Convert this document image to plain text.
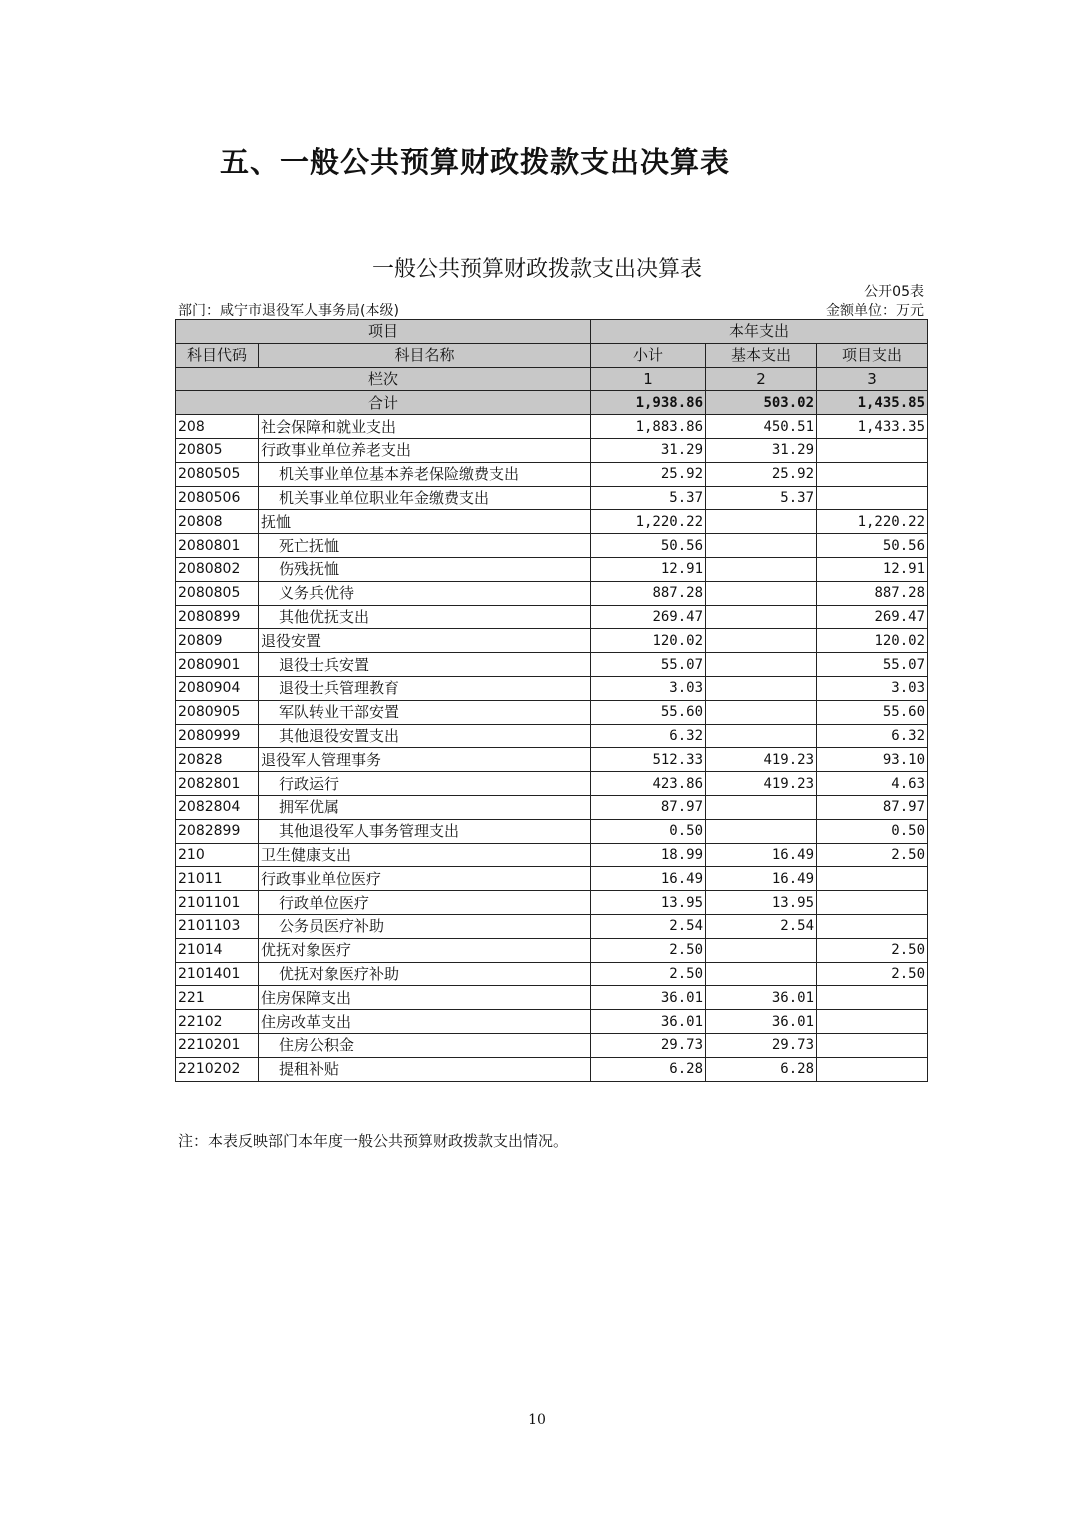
五、一般公共预算财政拨款支出决算表
一般公共预算财政拨款支出决算表
公开05表
部门：咸宁市退役军人事务局(本级)	金额单位：万元
项目		本年支出		
科目代码	科目名称	小计	基本支出	项目支出
栏次		1	2	3
合计		1,938.86	503.02	1,435.85
208	社会保障和就业支出	1,883.86	450.51	1,433.35
20805	行政事业单位养老支出	31.29	31.29	
2080505	机关事业单位基本养老保险缴费支出	25.92	25.92	
2080506	机关事业单位职业年金缴费支出	5.37	5.37	
20808	抚恤	1,220.22		1,220.22
2080801	死亡抚恤	50.56		50.56
2080802	伤残抚恤	12.91		12.91
2080805	义务兵优待	887.28		887.28
2080899	其他优抚支出	269.47		269.47
20809	退役安置	120.02		120.02
2080901	退役士兵安置	55.07		55.07
2080904	退役士兵管理教育	3.03		3.03
2080905	军队转业干部安置	55.60		55.60
2080999	其他退役安置支出	6.32		6.32
20828	退役军人管理事务	512.33	419.23	93.10
2082801	行政运行	423.86	419.23	4.63
2082804	拥军优属	87.97		87.97
2082899	其他退役军人事务管理支出	0.50		0.50
210	卫生健康支出	18.99	16.49	2.50
21011	行政事业单位医疗	16.49	16.49	
2101101	行政单位医疗	13.95	13.95	
2101103	公务员医疗补助	2.54	2.54	
21014	优抚对象医疗	2.50		2.50
2101401	优抚对象医疗补助	2.50		2.50
221	住房保障支出	36.01	36.01	
22102	住房改革支出	36.01	36.01	
2210201	住房公积金	29.73	29.73	
2210202	提租补贴	6.28	6.28	
注：本表反映部门本年度一般公共预算财政拨款支出情况。
10
